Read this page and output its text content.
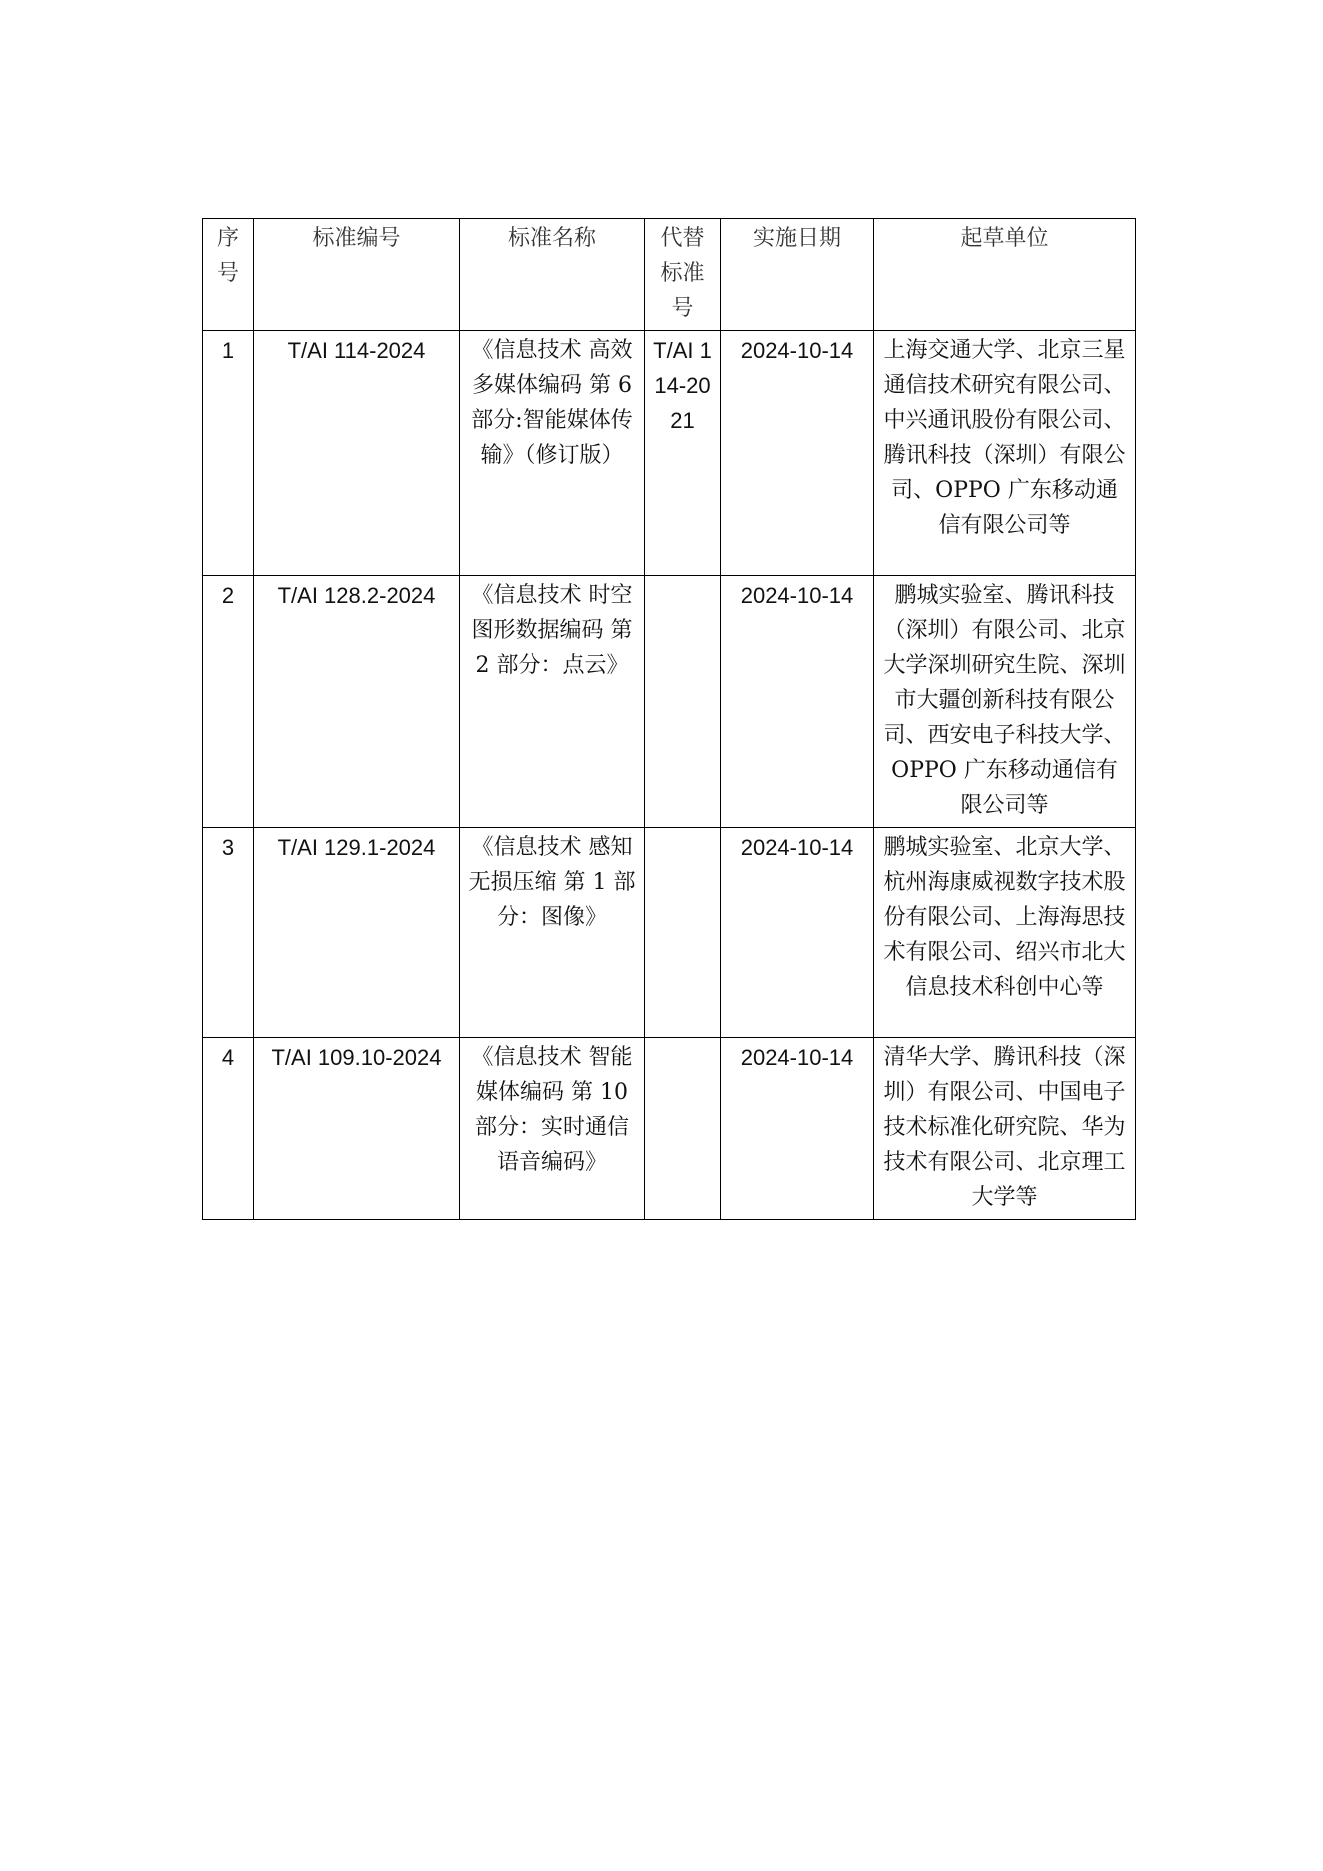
序号	标准编号	标准名称	代替标准号	实施日期	起草单位
1	T/AI 114-2024	《信息技术 高效多媒体编码 第 6 部分:智能媒体传输》（修订版）	T/AI 114-2021	2024-10-14	上海交通大学、北京三星通信技术研究有限公司、中兴通讯股份有限公司、腾讯科技（深圳）有限公司、OPPO 广东移动通信有限公司等
2	T/AI 128.2-2024	《信息技术 时空图形数据编码 第 2 部分：点云》		2024-10-14	鹏城实验室、腾讯科技（深圳）有限公司、北京大学深圳研究生院、深圳市大疆创新科技有限公司、西安电子科技大学、OPPO 广东移动通信有限公司等
3	T/AI 129.1-2024	《信息技术 感知无损压缩 第 1 部分：图像》		2024-10-14	鹏城实验室、北京大学、杭州海康威视数字技术股份有限公司、上海海思技术有限公司、绍兴市北大信息技术科创中心等
4	T/AI 109.10-2024	《信息技术 智能媒体编码 第 10 部分：实时通信语音编码》		2024-10-14	清华大学、腾讯科技（深圳）有限公司、中国电子技术标准化研究院、华为技术有限公司、北京理工大学等
